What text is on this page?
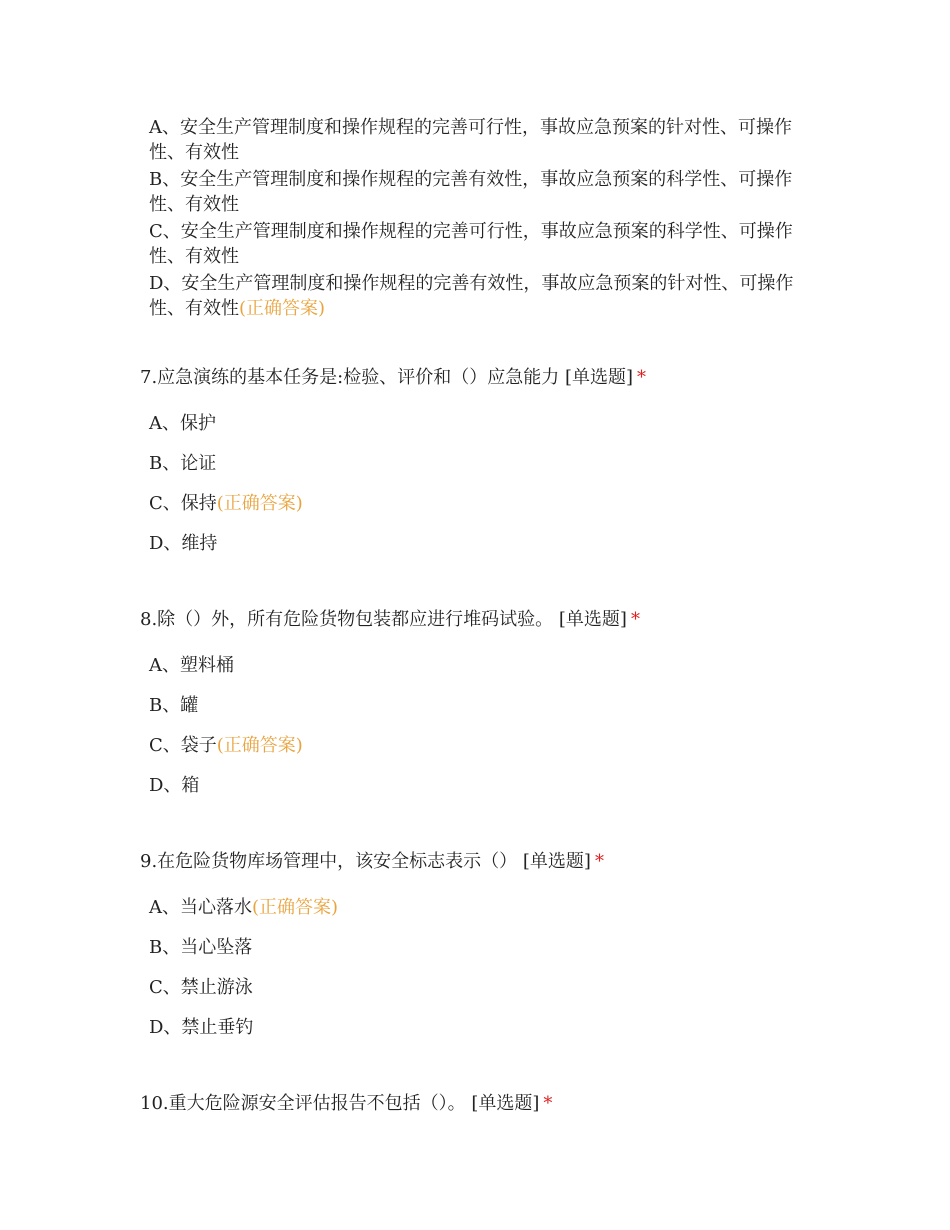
A、安全生产管理制度和操作规程的完善可行性，事故应急预案的针对性、可操作性、有效性
B、安全生产管理制度和操作规程的完善有效性，事故应急预案的科学性、可操作性、有效性
C、安全生产管理制度和操作规程的完善可行性，事故应急预案的科学性、可操作性、有效性
D、安全生产管理制度和操作规程的完善有效性，事故应急预案的针对性、可操作性、有效性(正确答案)
7.应急演练的基本任务是:检验、评价和（）应急能力 [单选题] *
A、保护
B、论证
C、保持(正确答案)
D、维持
8.除（）外，所有危险货物包装都应进行堆码试验。 [单选题] *
A、塑料桶
B、罐
C、袋子(正确答案)
D、箱
9.在危险货物库场管理中，该安全标志表示（） [单选题] *
A、当心落水(正确答案)
B、当心坠落
C、禁止游泳
D、禁止垂钓
10.重大危险源安全评估报告不包括（）。 [单选题] *
